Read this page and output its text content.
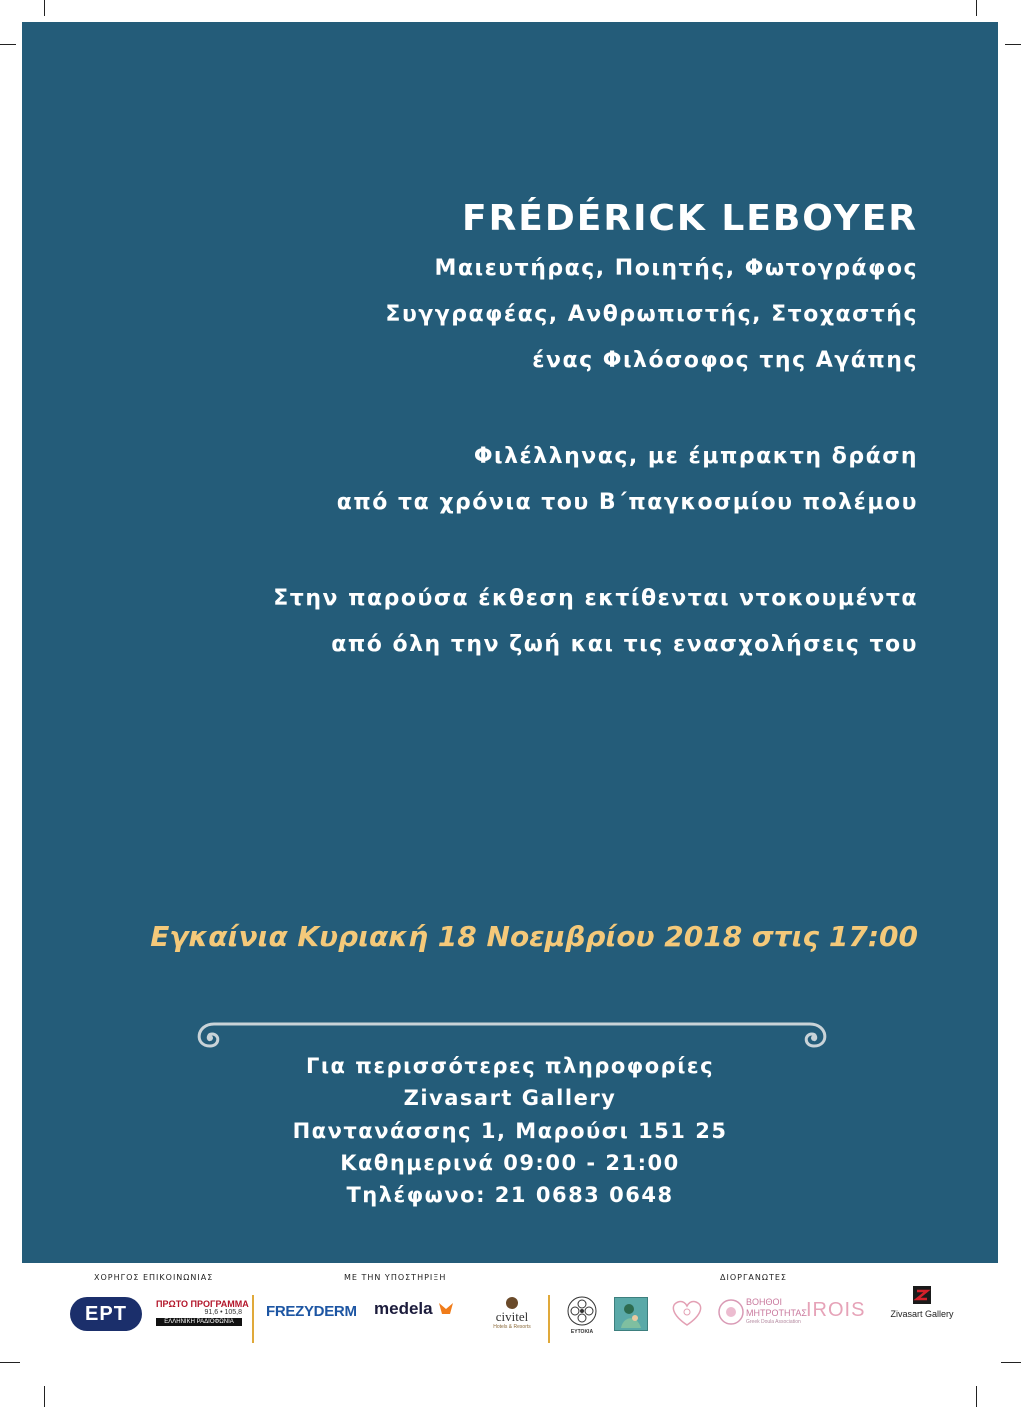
FRÉDÉRICK LEBOYER

Μαιευτήρας, Ποιητής, Φωτογράφος

Συγγραφέας, Ανθρωπιστής, Στοχαστής

ένας Φιλόσοφος της Αγάπης

Φιλέλληνας, με έμπρακτη δράση

από τα χρόνια του Β΄παγκοσμίου πολέμου

Στην παρούσα έκθεση εκτίθενται ντοκουμέντα

από όλη την ζωή και τις ενασχολήσεις του

Εγκαίνια Κυριακή 18 Νοεμβρίου 2018 στις 17:00

Για περισσότερες πληροφορίες

Zivasart Gallery

Παντανάσσης 1, Μαρούσι 151 25

Καθημερινά 09:00 - 21:00

Τηλέφωνο: 21 0683 0648

ΧΟΡΗΓΟΣ ΕΠΙΚΟΙΝΩΝΙΑΣ	ΜΕ ΤΗΝ ΥΠΟΣΤΗΡΙΞΗ	ΔΙΟΡΓΑΝΩΤΕΣ
ΕΡΤ	ΠΡΩΤΟ ΠΡΟΓΡΑΜΜΑ
91,6 • 105,8
ΕΛΛΗΝΙΚΗ ΡΑΔΙΟΦΩΝΙΑ
FREZYDERM medela	civitel
Hotels & Resorts
ΕΥΤΟΚΙΑ
ΒΟΗΘΟΙ
ΜΗΤΡΟΤΗΤΑΣ
Greek Doula Association
IROIS	Zivasart Gallery
